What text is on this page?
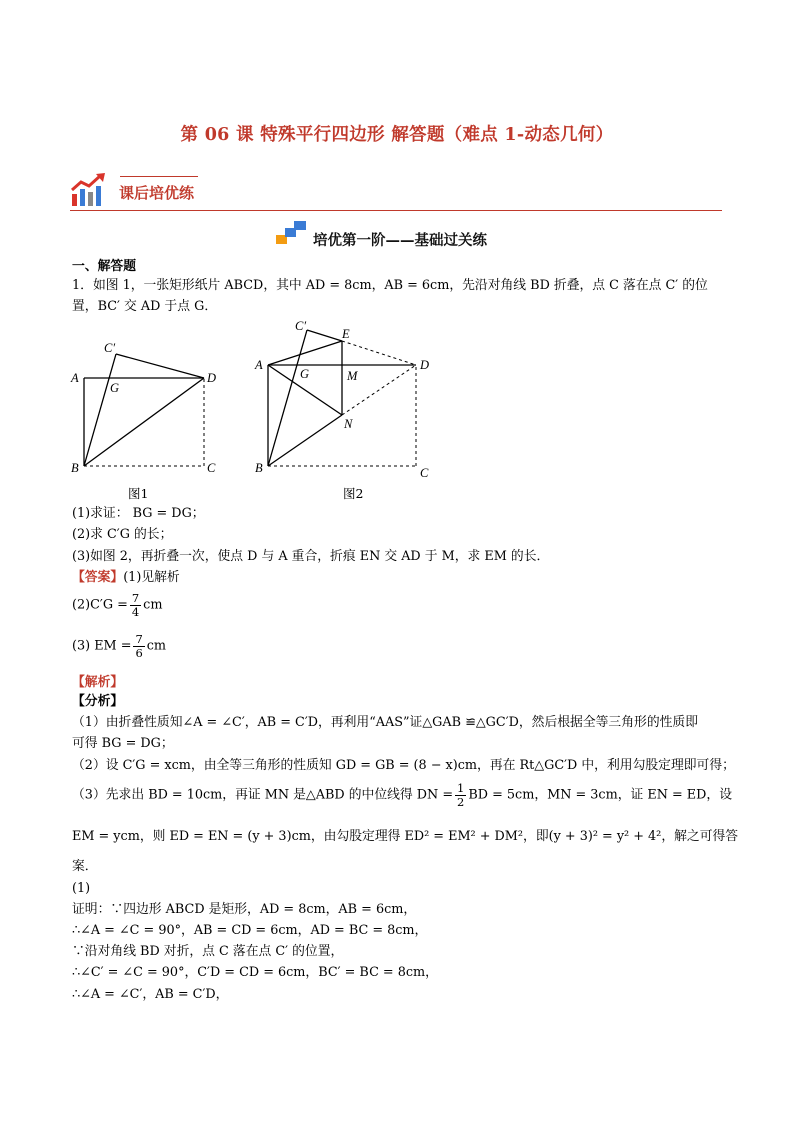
第 06 课 特殊平行四边形 解答题（难点 1-动态几何）
课后培优练
培优第一阶——基础过关练
一、解答题
1．如图 1，一张矩形纸片 ABCD，其中 AD = 8cm，AB = 6cm，先沿对角线 BD 折叠，点 C 落在点 C′ 的位
置，BC′ 交 AD 于点 G．
A
B	C
D
C′
G
图1
A
B	C
D
C′
G
E
M
N
图2
(1)求证： BG = DG；
(2)求 C′G 的长；
(3)如图 2，再折叠一次，使点 D 与 A 重合，折痕 EN 交 AD 于 M，求 EM 的长．
【答案】(1)见解析
$(2)C'G = \frac{7}{4}$ cm
(3) EM = $\frac{7}{6}$ cm
【解析】
【分析】
（1）由折叠性质知∠A = ∠C′，AB = C′D，再利用“AAS”证△GAB ≌△GC′D，然后根据全等三角形的性质即
可得 BG = DG；
（2）设 C′G = xcm，由全等三角形的性质知 GD = GB = (8 − x)cm，再在 Rt△GC′D 中，利用勾股定理即可得；
（3）先求出 BD = 10cm，再证 MN 是△ABD 的中位线得 DN = $\frac{1}{2}$ BD = 5cm，MN = 3cm，证 EN = ED，设
EM = ycm，则 ED = EN = (y + 3)cm，由勾股定理得 ED² = EM² + DM²，即(y + 3)² = y² + 4²，解之可得答
案．
(1)
证明：∵四边形 ABCD 是矩形，AD = 8cm，AB = 6cm，
∴∠A = ∠C = 90°，AB = CD = 6cm，AD = BC = 8cm，
∵沿对角线 BD 对折，点 C 落在点 C′ 的位置，
∴∠C′ = ∠C = 90°，C′D = CD = 6cm，BC′ = BC = 8cm，
∴∠A = ∠C′，AB = C′D，
